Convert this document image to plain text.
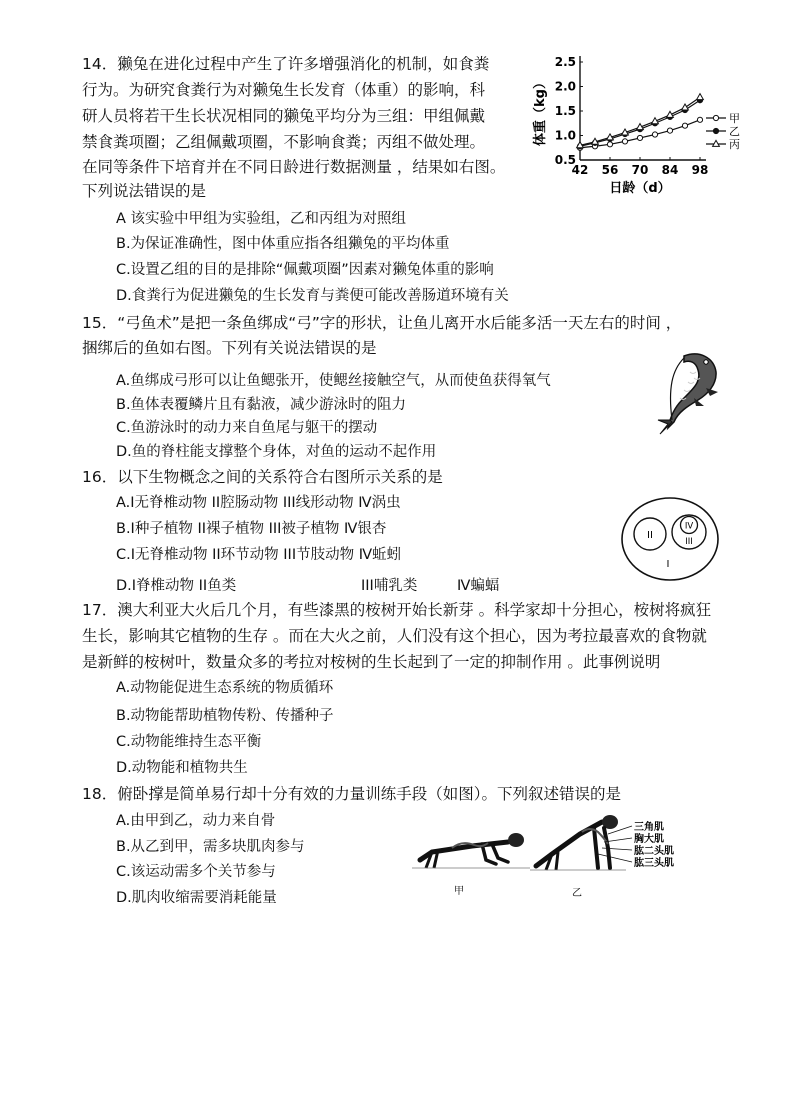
14．獭兔在进化过程中产生了许多增强消化的机制，如食粪
行为。为研究食粪行为对獭兔生长发育（体重）的影响，科
研人员将若干生长状况相同的獭兔平均分为三组：甲组佩戴
禁食粪项圈；乙组佩戴项圈，不影响食粪；丙组不做处理。
在同等条件下培育并在不同日龄进行数据测量 ，结果如右图。
下列说法错误的是
A 该实验中甲组为实验组，乙和丙组为对照组
B.为保证准确性，图中体重应指各组獭兔的平均体重
C.设置乙组的目的是排除“佩戴项圈”因素对獭兔体重的影响
D.食粪行为促进獭兔的生长发育与粪便可能改善肠道环境有关
42 56 70 84 98
0.5
1.0
1.5
2.0
2.5
日龄（d）
体重（kg）	甲
乙
丙
15．“弓鱼术”是把一条鱼绑成“弓”字的形状，让鱼儿离开水后能多活一天左右的时间 ，
捆绑后的鱼如右图。下列有关说法错误的是
A.鱼绑成弓形可以让鱼鳃张开，使鳃丝接触空气，从而使鱼获得氧气
B.鱼体表覆鳞片且有黏液，减少游泳时的阻力
C.鱼游泳时的动力来自鱼尾与躯干的摆动
D.鱼的脊柱能支撑整个身体，对鱼的运动不起作用
16．以下生物概念之间的关系符合右图所示关系的是
A.Ⅰ无脊椎动物 ⅠⅠ腔肠动物 ⅠⅠⅠ线形动物 Ⅳ涡虫
B.Ⅰ种子植物 ⅠⅠ裸子植物 ⅠⅠⅠ被子植物 Ⅳ银杏
C.Ⅰ无脊椎动物 ⅠⅠ环节动物 ⅠⅠⅠ节肢动物 Ⅳ蚯蚓
D.Ⅰ脊椎动物 ⅠⅠ鱼类	ⅠⅠⅠ哺乳类	Ⅳ蝙蝠
II
IV
III
I
17．澳大利亚大火后几个月，有些漆黑的桉树开始长新芽 。科学家却十分担心，桉树将疯狂
生长，影响其它植物的生存 。而在大火之前，人们没有这个担心，因为考拉最喜欢的食物就
是新鲜的桉树叶，数量众多的考拉对桉树的生长起到了一定的抑制作用 。此事例说明
A.动物能促进生态系统的物质循环
B.动物能帮助植物传粉、传播种子
C.动物能维持生态平衡
D.动物能和植物共生
18．俯卧撑是简单易行却十分有效的力量训练手段（如图）。下列叙述错误的是
A.由甲到乙，动力来自骨
B.从乙到甲，需多块肌肉参与
C.该运动需多个关节参与
D.肌肉收缩需要消耗能量	甲	乙
三角肌
胸大肌
肱二头肌
肱三头肌
